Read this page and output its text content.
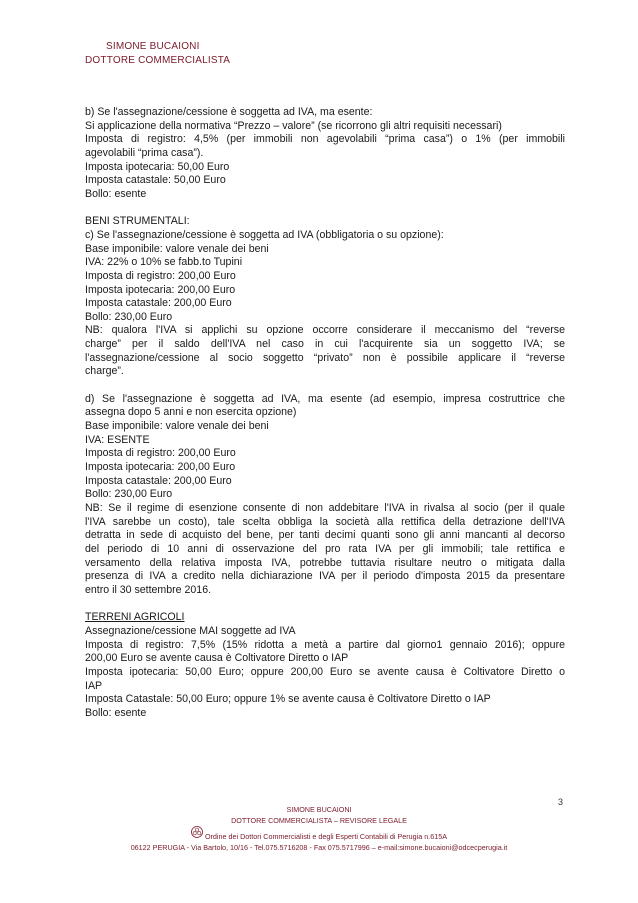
SIMONE BUCAIONI
DOTTORE COMMERCIALISTA
b) Se l'assegnazione/cessione è soggetta ad IVA, ma esente:
Si applicazione della normativa “Prezzo – valore” (se ricorrono gli altri requisiti necessari)
Imposta di registro: 4,5% (per immobili non agevolabili “prima casa”) o 1% (per immobili
agevolabili “prima casa”).
Imposta ipotecaria: 50,00 Euro
Imposta catastale: 50,00 Euro
Bollo: esente
BENI STRUMENTALI:
c) Se l'assegnazione/cessione è soggetta ad IVA (obbligatoria o su opzione):
Base imponibile: valore venale dei beni
IVA: 22% o 10% se fabb.to Tupini
Imposta di registro: 200,00 Euro
Imposta ipotecaria: 200,00 Euro
Imposta catastale: 200,00 Euro
Bollo: 230,00 Euro
NB: qualora l'IVA si applichi su opzione occorre considerare il meccanismo del “reverse
charge” per il saldo dell'IVA nel caso in cui l'acquirente sia un soggetto IVA; se
l'assegnazione/cessione al socio soggetto “privato” non è possibile applicare il “reverse
charge”.
d) Se l'assegnazione è soggetta ad IVA, ma esente (ad esempio, impresa costruttrice che
assegna dopo 5 anni e non esercita opzione)
Base imponibile: valore venale dei beni
IVA: ESENTE
Imposta di registro: 200,00 Euro
Imposta ipotecaria: 200,00 Euro
Imposta catastale: 200,00 Euro
Bollo: 230,00 Euro
NB: Se il regime di esenzione consente di non addebitare l'IVA in rivalsa al socio (per il quale
l'IVA sarebbe un costo), tale scelta obbliga la società alla rettifica della detrazione dell'IVA
detratta in sede di acquisto del bene, per tanti decimi quanti sono gli anni mancanti al decorso
del periodo di 10 anni di osservazione del pro rata IVA per gli immobili; tale rettifica e
versamento della relativa imposta IVA, potrebbe tuttavia risultare neutro o mitigata dalla
presenza di IVA a credito nella dichiarazione IVA per il periodo d'imposta 2015 da presentare
entro il 30 settembre 2016.
TERRENI AGRICOLI
Assegnazione/cessione MAI soggette ad IVA
Imposta di registro: 7,5% (15% ridotta a metà a partire dal giorno1 gennaio 2016); oppure
200,00 Euro se avente causa è Coltivatore Diretto o IAP
Imposta ipotecaria: 50,00 Euro; oppure 200,00 Euro se avente causa è Coltivatore Diretto o
IAP
Imposta Catastale: 50,00 Euro; oppure 1% se avente causa è Coltivatore Diretto o IAP
Bollo: esente
3
SIMONE BUCAIONI
DOTTORE COMMERCIALISTA – REVISORE LEGALE
Ordine dei Dottori Commercialisti e degli Esperti Contabili di Perugia n.615A
06122 PERUGIA - Via Bartolo, 10/16 - Tel.075.5716208 - Fax 075.5717996 – e-mail:simone.bucaioni@odcecperugia.it
